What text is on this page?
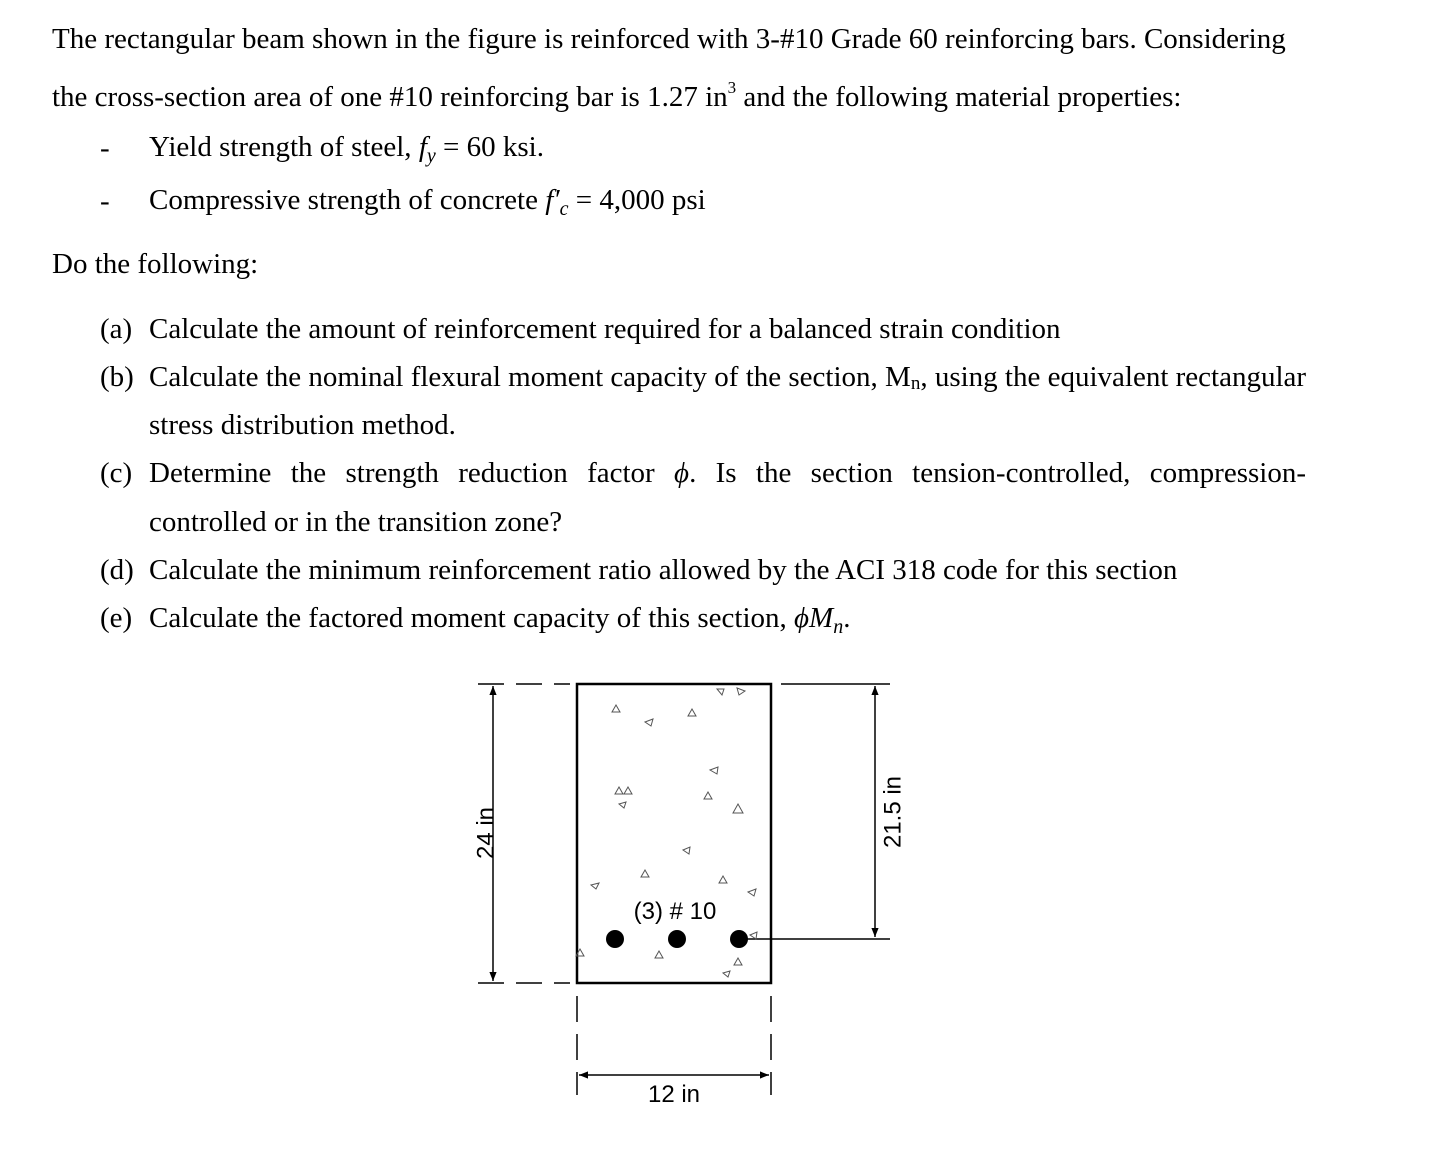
The rectangular beam shown in the figure is reinforced with 3-#10 Grade 60 reinforcing bars. Considering
the cross-section area of one #10 reinforcing bar is 1.27 $in^3$ and the following material properties:
- Yield strength of steel, $f_y = 60$ ksi.
- Compressive strength of concrete $f'_c = 4,000$ psi
Do the following:
(a) Calculate the amount of reinforcement required for a balanced strain condition
(b) Calculate the nominal flexural moment capacity of the section, Mn, using the equivalent rectangular
stress distribution method.
(c) Determine the strength reduction factor ϕ. Is the section tension-controlled, compression-
controlled or in the transition zone?
(d) Calculate the minimum reinforcement ratio allowed by the ACI 318 code for this section
(e) Calculate the factored moment capacity of this section, $\phi M_n$.
24 in	21.5 in
12 in
(3) # 10
